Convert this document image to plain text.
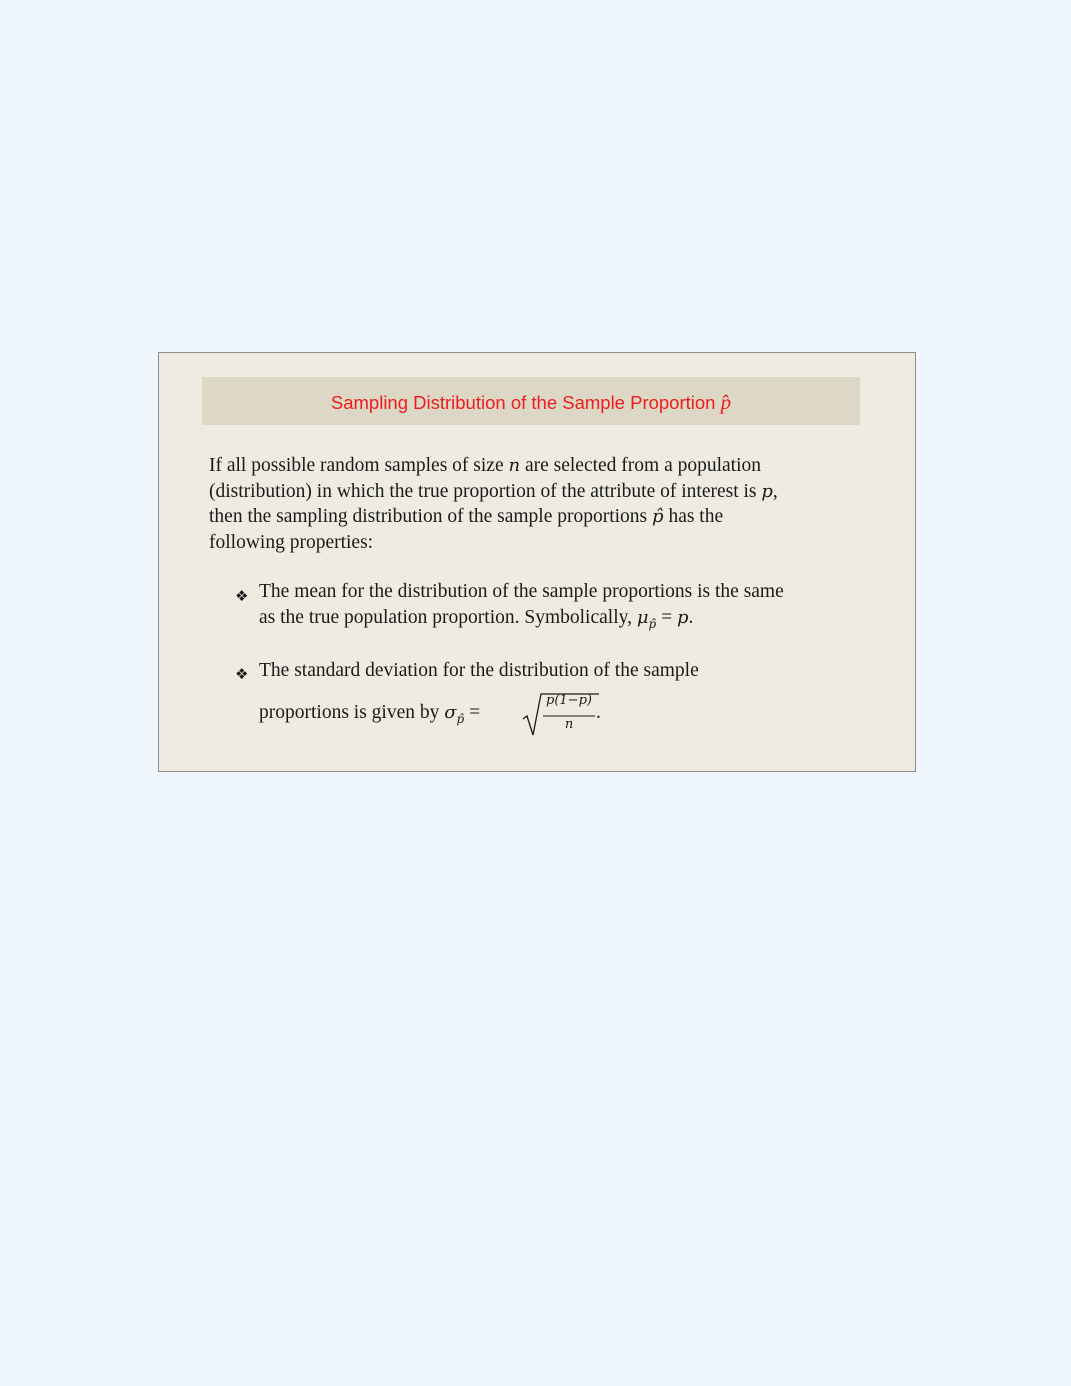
Sampling Distribution of the Sample Proportion p̂
If all possible random samples of size n are selected from a population
(distribution) in which the true proportion of the attribute of interest is p,
then the sampling distribution of the sample proportions p̂ has the
following properties:
❖ The mean for the distribution of the sample proportions is the same
as the true population proportion. Symbolically, $\mu_{p̂} = p$.
❖ The standard deviation for the distribution of the sample
proportions is given by $\sigma_{p̂}$ =
p(1−p)
n
.
